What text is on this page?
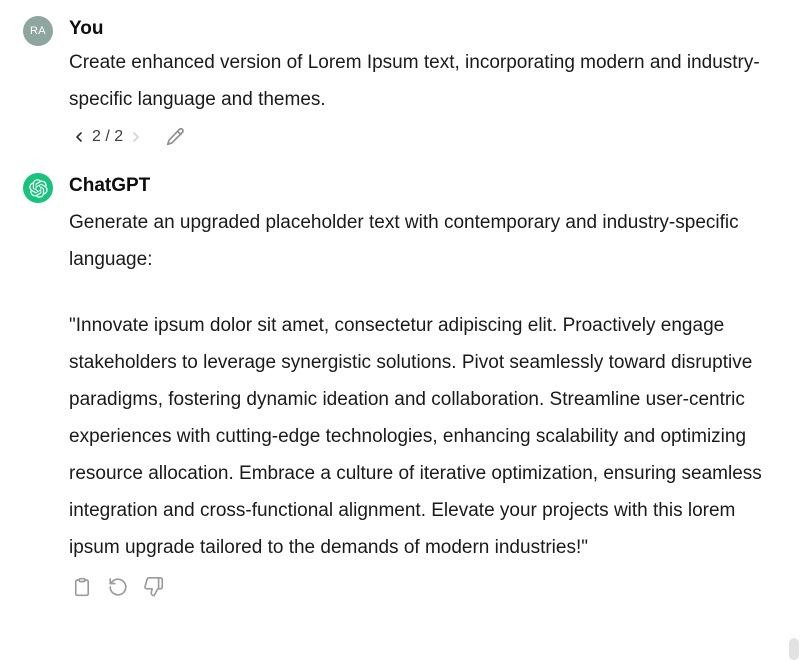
RA	You

Create enhanced version of Lorem Ipsum text, incorporating modern and industry-specific language and themes.

2 / 2
ChatGPT

Generate an upgraded placeholder text with contemporary and industry-specific language:

"Innovate ipsum dolor sit amet, consectetur adipiscing elit. Proactively engage stakeholders to leverage synergistic solutions. Pivot seamlessly toward disruptive paradigms, fostering dynamic ideation and collaboration. Streamline user-centric experiences with cutting-edge technologies, enhancing scalability and optimizing resource allocation. Embrace a culture of iterative optimization, ensuring seamless integration and cross-functional alignment. Elevate your projects with this lorem ipsum upgrade tailored to the demands of modern industries!"
